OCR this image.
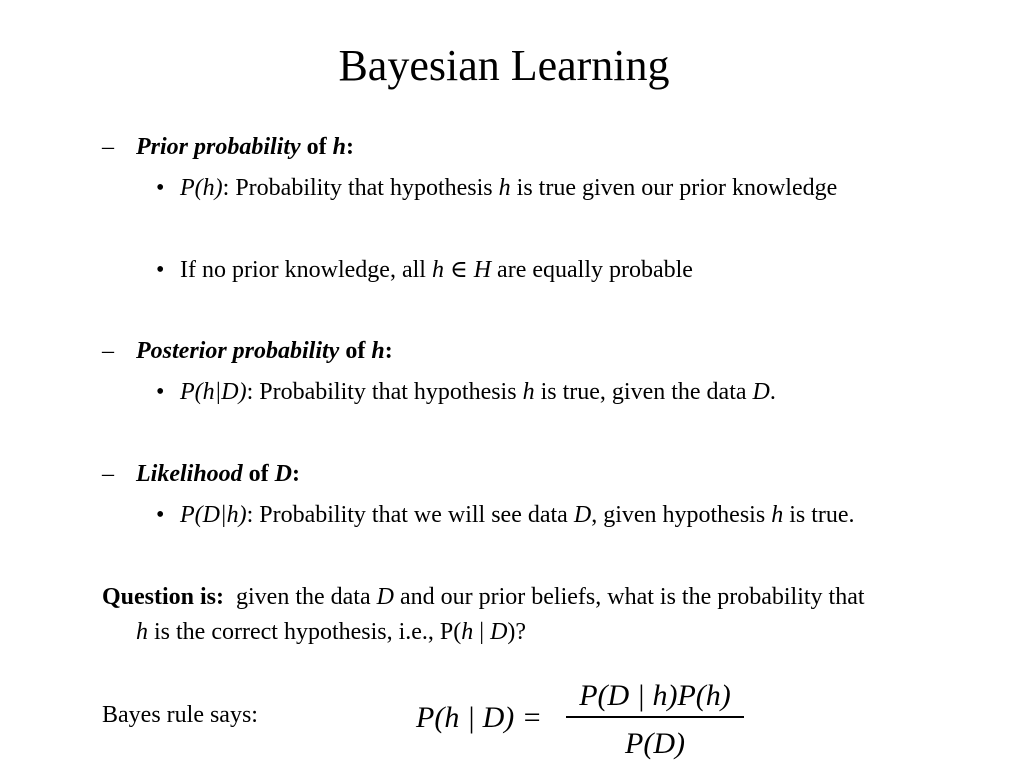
Bayesian Learning
– Prior probability of h:
• P(h): Probability that hypothesis h is true given our prior knowledge
• If no prior knowledge, all h ∈ H are equally probable
– Posterior probability of h:
• P(h|D): Probability that hypothesis h is true, given the data D.
– Likelihood of D:
• P(D|h): Probability that we will see data D, given hypothesis h is true.
Question is:  given the data D and our prior beliefs, what is the probability that
h is the correct hypothesis, i.e., P(h | D)?
Bayes rule says:	P(h | D) =
P(D | h)P(h)
P(D)
